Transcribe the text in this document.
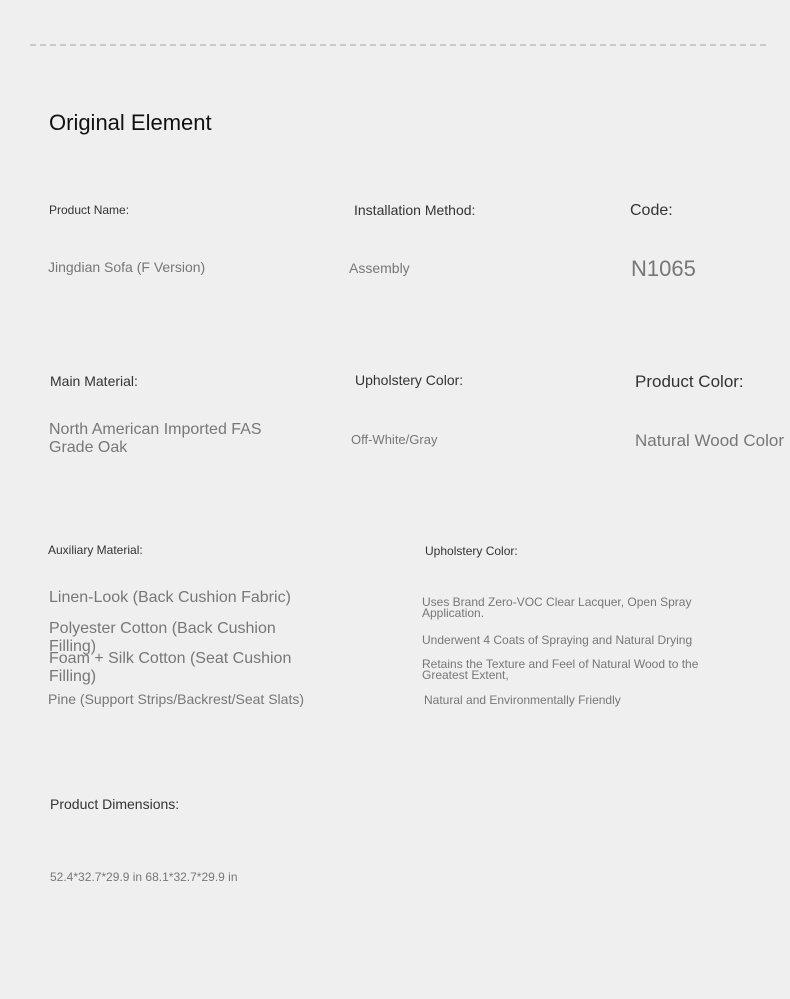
Original Element
Product Name:
Jingdian Sofa (F Version)
Installation Method:
Assembly
Code:
N1065
Main Material:
North American Imported FAS Grade Oak
Upholstery Color:
Off-White/Gray
Product Color:
Natural Wood Color
Auxiliary Material:
Linen-Look (Back Cushion Fabric)
Polyester Cotton (Back Cushion Filling)
Foam + Silk Cotton (Seat Cushion Filling)
Pine (Support Strips/Backrest/Seat Slats)
Upholstery Color:
Uses Brand Zero-VOC Clear Lacquer, Open Spray Application.
Underwent 4 Coats of Spraying and Natural Drying
Retains the Texture and Feel of Natural Wood to the Greatest Extent,
Natural and Environmentally Friendly
Product Dimensions:
52.4*32.7*29.9 in 68.1*32.7*29.9 in
